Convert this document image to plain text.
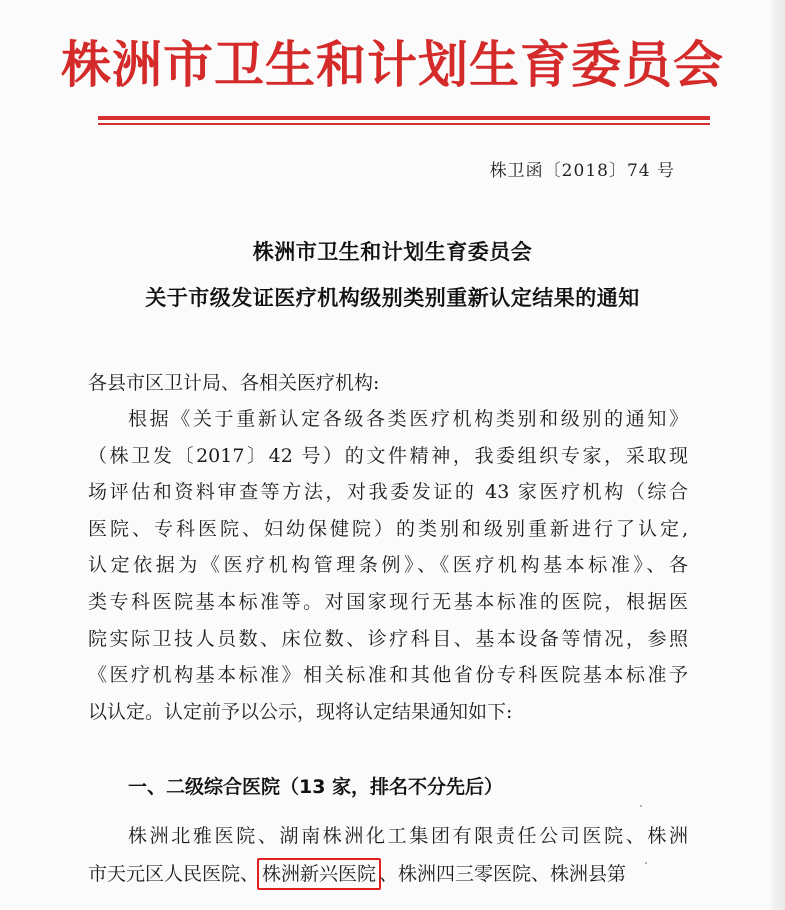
株洲市卫生和计划生育委员会
株卫函〔2018〕74 号
株洲市卫生和计划生育委员会
关于市级发证医疗机构级别类别重新认定结果的通知
各县市区卫计局、各相关医疗机构:
根据《关于重新认定各级各类医疗机构类别和级别的通知》
（株卫发〔2017〕42 号）的文件精神，我委组织专家，采取现
场评估和资料审查等方法，对我委发证的 43 家医疗机构（综合
医院、专科医院、妇幼保健院）的类别和级别重新进行了认定,
认定依据为《医疗机构管理条例》、《医疗机构基本标准》、各
类专科医院基本标准等。对国家现行无基本标准的医院，根据医
院实际卫技人员数、床位数、诊疗科目、基本设备等情况，参照
《医疗机构基本标准》相关标准和其他省份专科医院基本标准予
以认定。认定前予以公示，现将认定结果通知如下:
一、二级综合医院（13 家，排名不分先后）
株洲北雅医院、湖南株洲化工集团有限责任公司医院、株洲
市天元区人民医院、 株洲新兴医院 、株洲四三零医院、株洲县第
